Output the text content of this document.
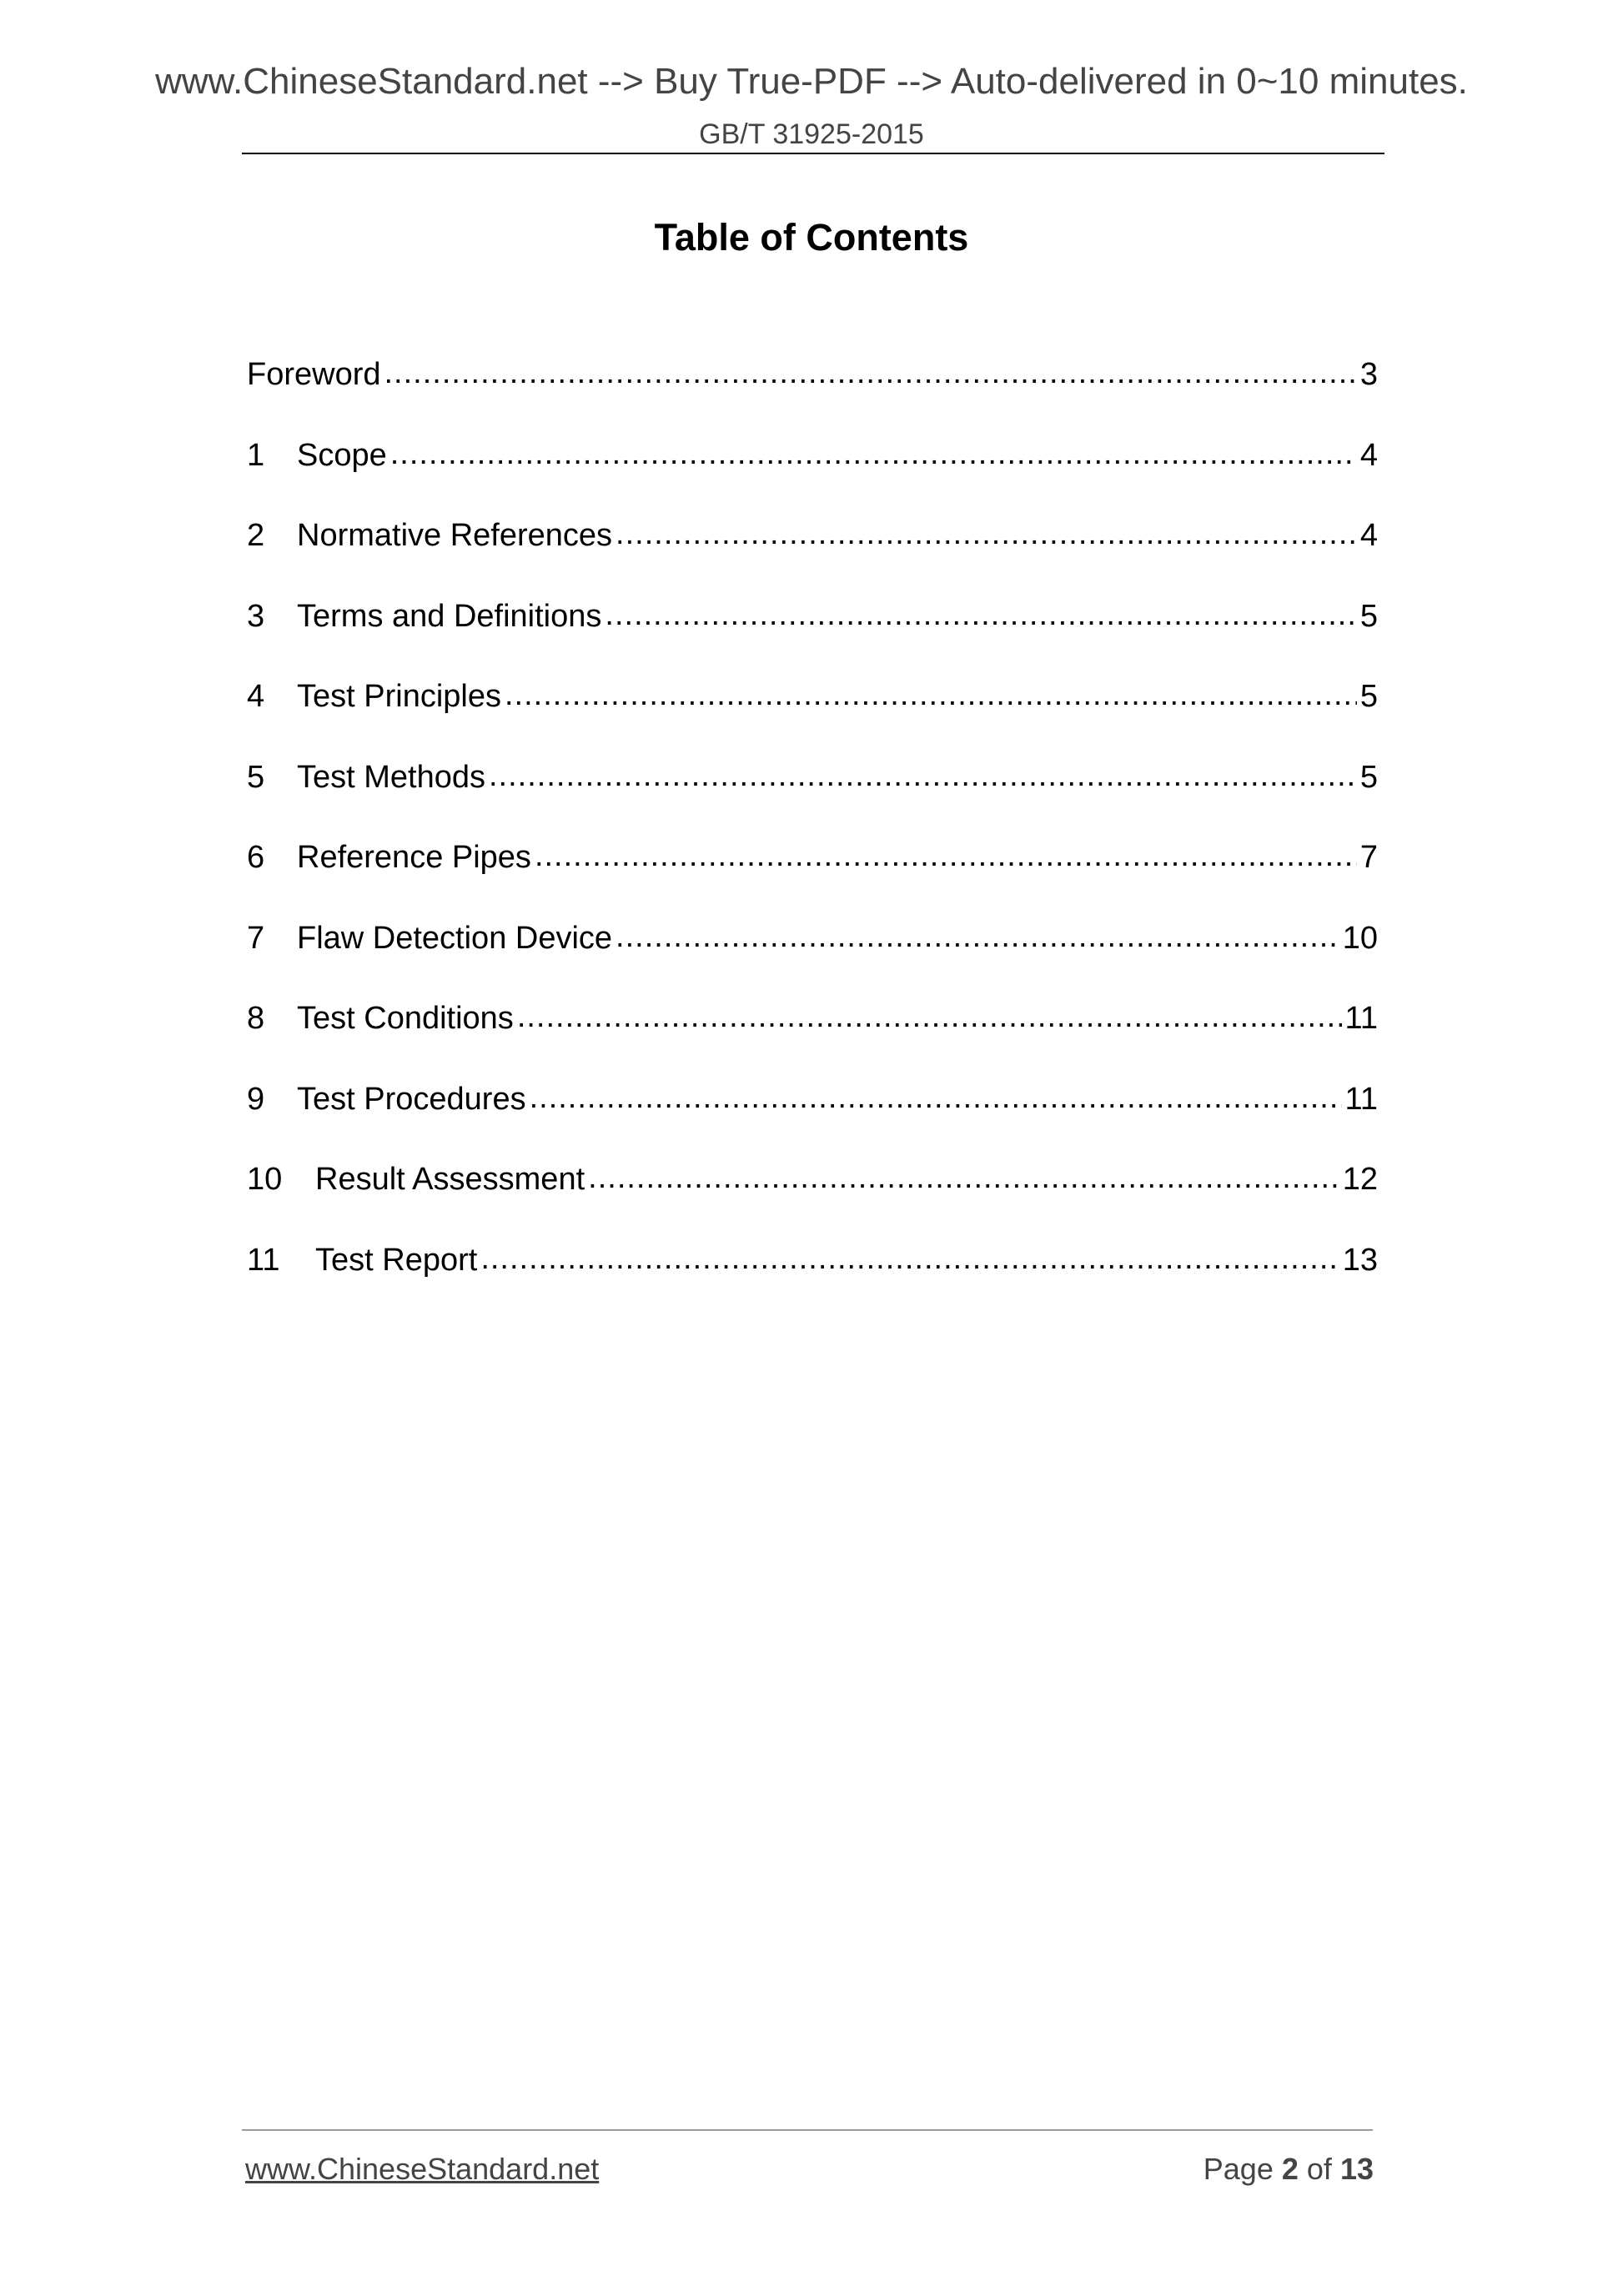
www.ChineseStandard.net --> Buy True-PDF --> Auto-delivered in 0~10 minutes.
GB/T 31925-2015
Table of Contents
Foreword .....	3
1	Scope .....	4
2	Normative References .....	4
3	Terms and Definitions .....	5
4	Test Principles .....	5
5	Test Methods .....	5
6	Reference Pipes .....	7
7	Flaw Detection Device .....	10
8	Test Conditions .....	11
9	Test Procedures .....	11
10	Result Assessment .....	12
11	Test Report .....	13
www.ChineseStandard.net	Page 2 of 13
